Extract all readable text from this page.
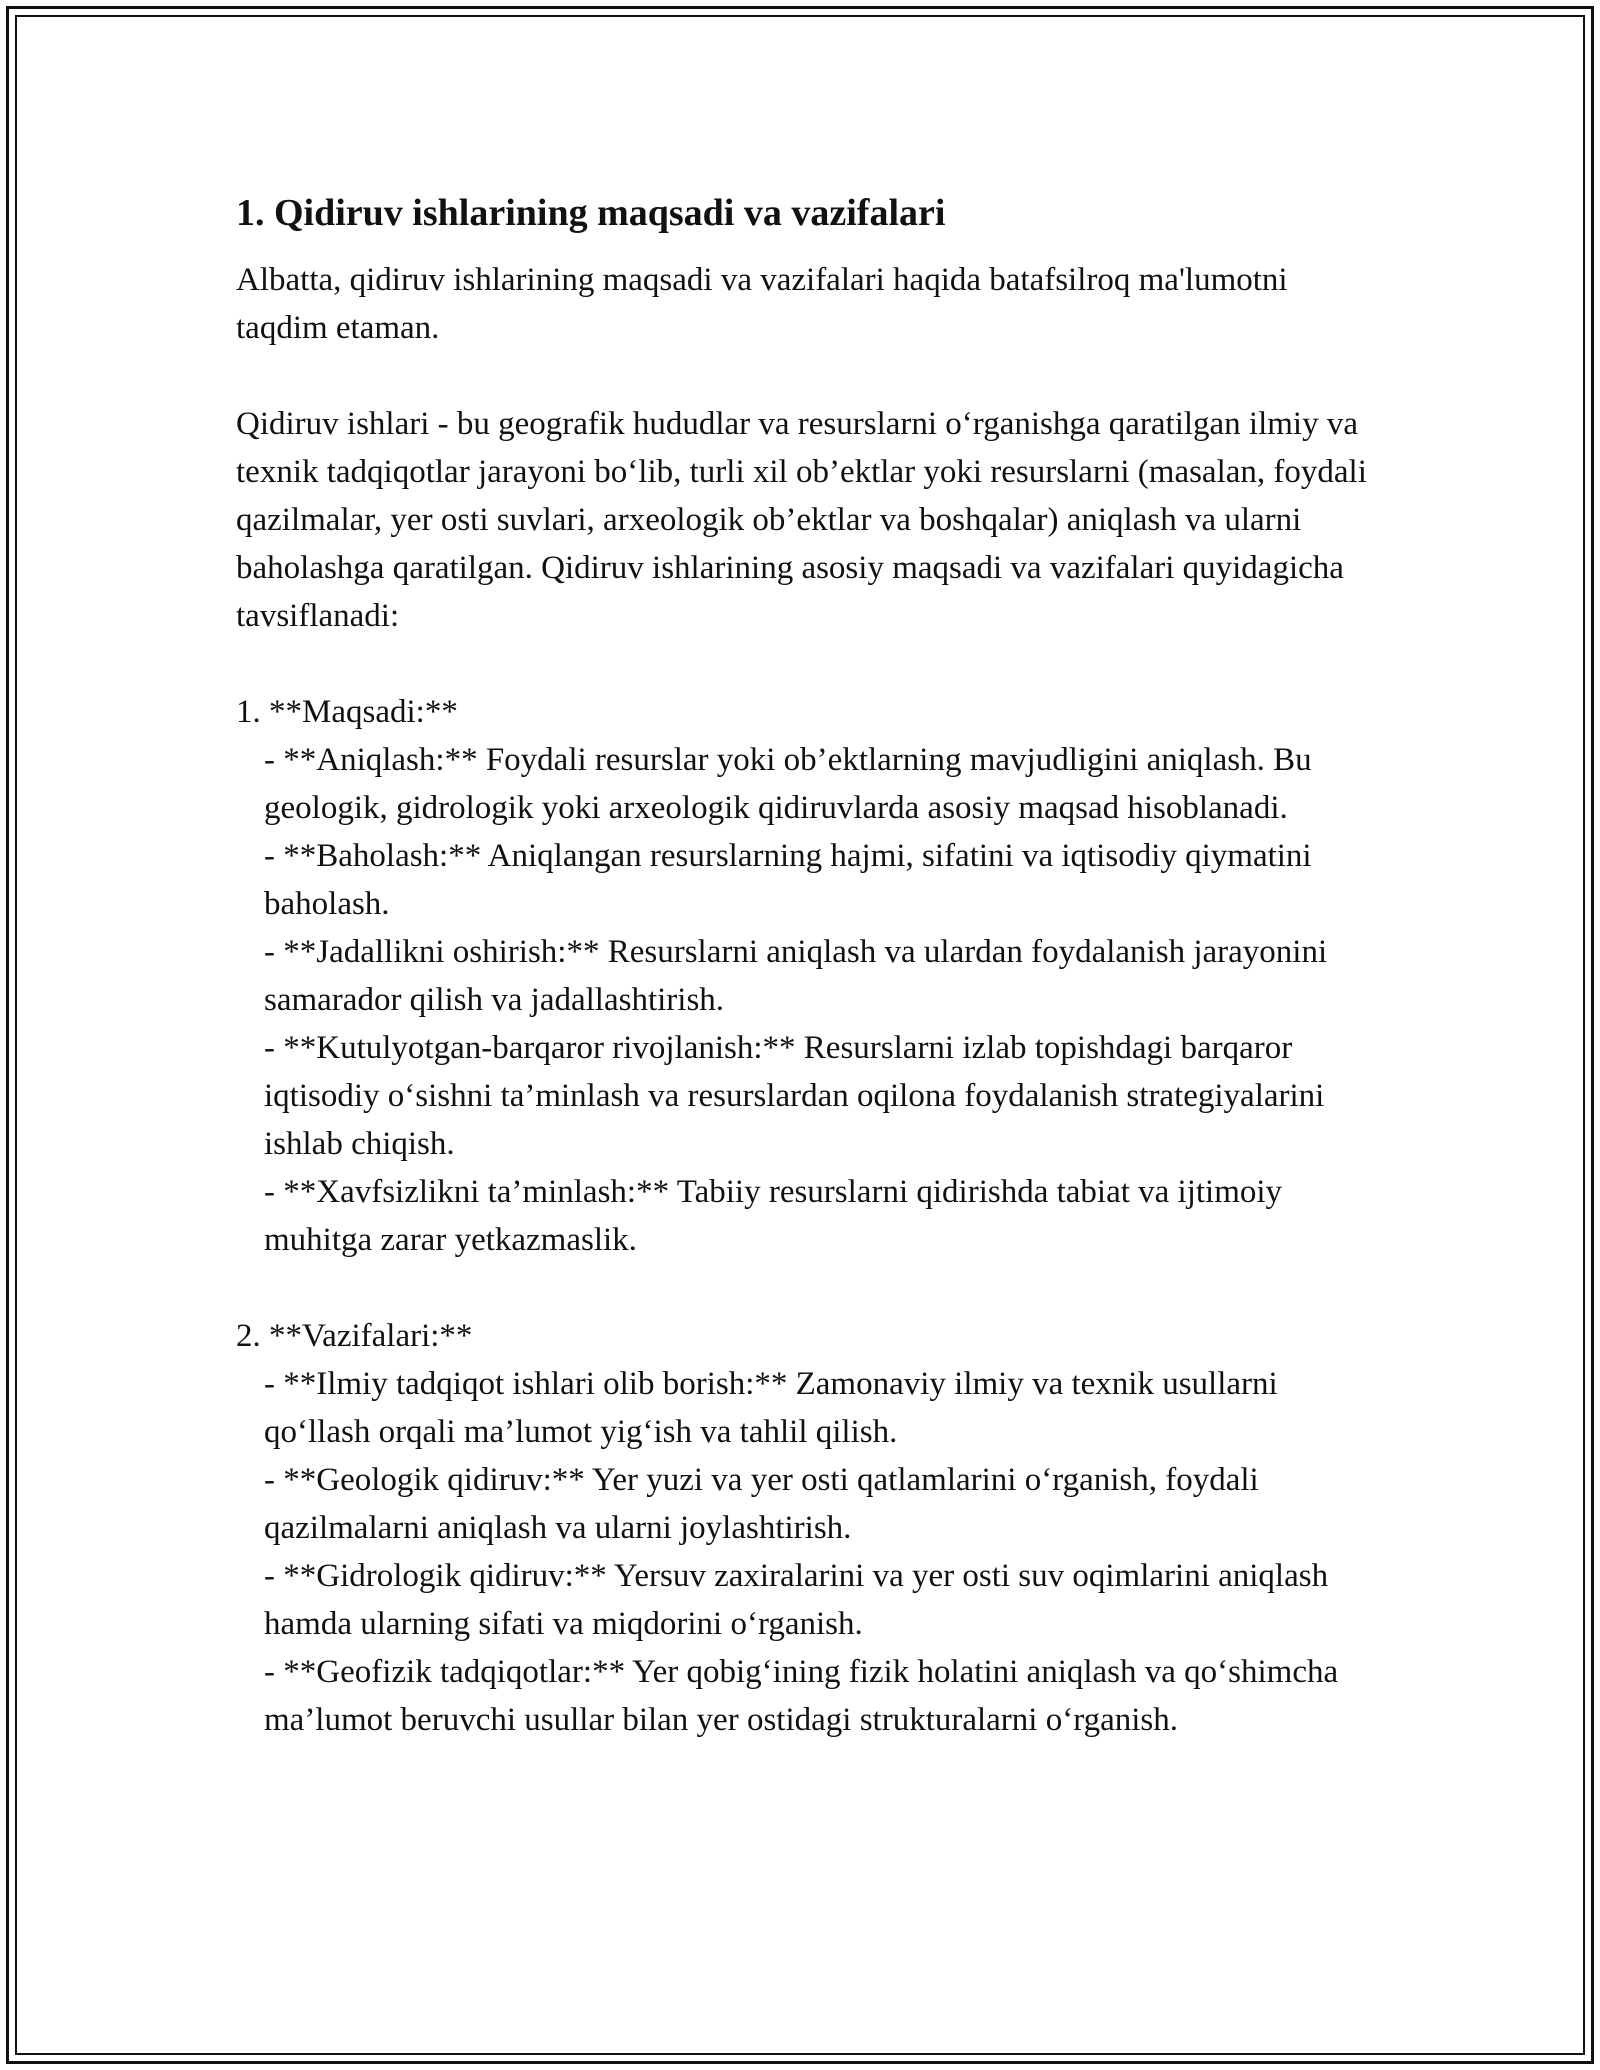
1. Qidiruv ishlarining maqsadi va vazifalari

Albatta, qidiruv ishlarining maqsadi va vazifalari haqida batafsilroq ma'lumotni taqdim etaman.

Qidiruv ishlari - bu geografik hududlar va resurslarni o‘rganishga qaratilgan ilmiy va texnik tadqiqotlar jarayoni bo‘lib, turli xil ob’ektlar yoki resurslarni (masalan, foydali qazilmalar, yer osti suvlari, arxeologik ob’ektlar va boshqalar) aniqlash va ularni baholashga qaratilgan. Qidiruv ishlarining asosiy maqsadi va vazifalari quyidagicha tavsiflanadi:

1. **Maqsadi:**

- **Aniqlash:** Foydali resurslar yoki ob’ektlarning mavjudligini aniqlash. Bu geologik, gidrologik yoki arxeologik qidiruvlarda asosiy maqsad hisoblanadi.

- **Baholash:** Aniqlangan resurslarning hajmi, sifatini va iqtisodiy qiymatini baholash.

- **Jadallikni oshirish:** Resurslarni aniqlash va ulardan foydalanish jarayonini samarador qilish va jadallashtirish.

- **Kutulyotgan-barqaror rivojlanish:** Resurslarni izlab topishdagi barqaror iqtisodiy o‘sishni ta’minlash va resurslardan oqilona foydalanish strategiyalarini ishlab chiqish.

- **Xavfsizlikni ta’minlash:** Tabiiy resurslarni qidirishda tabiat va ijtimoiy muhitga zarar yetkazmaslik.

2. **Vazifalari:**

- **Ilmiy tadqiqot ishlari olib borish:** Zamonaviy ilmiy va texnik usullarni qo‘llash orqali ma’lumot yig‘ish va tahlil qilish.

- **Geologik qidiruv:** Yer yuzi va yer osti qatlamlarini o‘rganish, foydali qazilmalarni aniqlash va ularni joylashtirish.

- **Gidrologik qidiruv:** Yersuv zaxiralarini va yer osti suv oqimlarini aniqlash hamda ularning sifati va miqdorini o‘rganish.

- **Geofizik tadqiqotlar:** Yer qobig‘ining fizik holatini aniqlash va qo‘shimcha ma’lumot beruvchi usullar bilan yer ostidagi strukturalarni o‘rganish.
